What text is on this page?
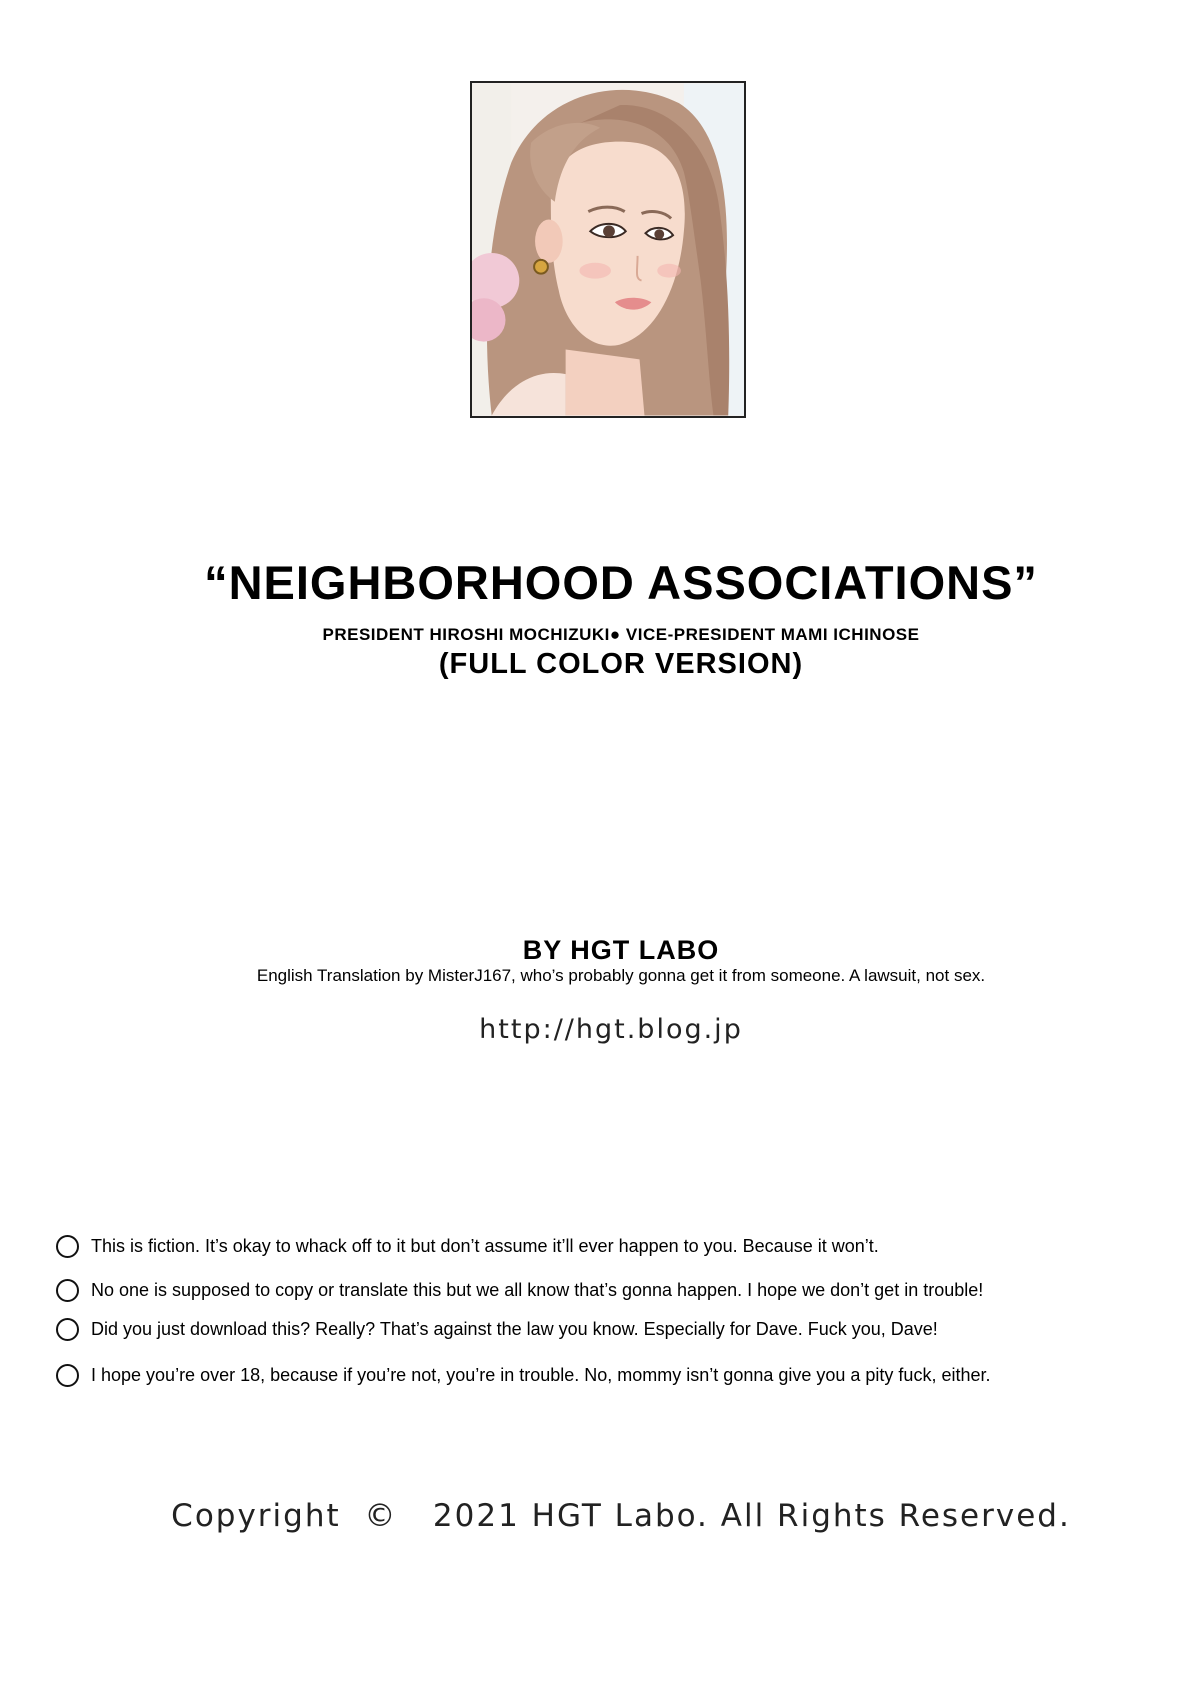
“NEIGHBORHOOD ASSOCIATIONS”

PRESIDENT HIROSHI MOCHIZUKI● VICE-PRESIDENT MAMI ICHINOSE

(FULL COLOR VERSION)

BY HGT LABO

English Translation by MisterJ167, who’s probably gonna get it from someone. A lawsuit, not sex.

http://hgt.blog.jp

This is fiction. It’s okay to whack off to it but don’t assume it’ll ever happen to you. Because it won’t.
No one is supposed to copy or translate this but we all know that’s gonna happen. I hope we don’t get in trouble!
Did you just download this? Really? That’s against the law you know. Especially for Dave. Fuck you, Dave!
I hope you’re over 18, because if you’re not, you’re in trouble. No, mommy isn’t gonna give you a pity fuck, either.

Copyright  ©   2021 HGT Labo. All Rights Reserved.
